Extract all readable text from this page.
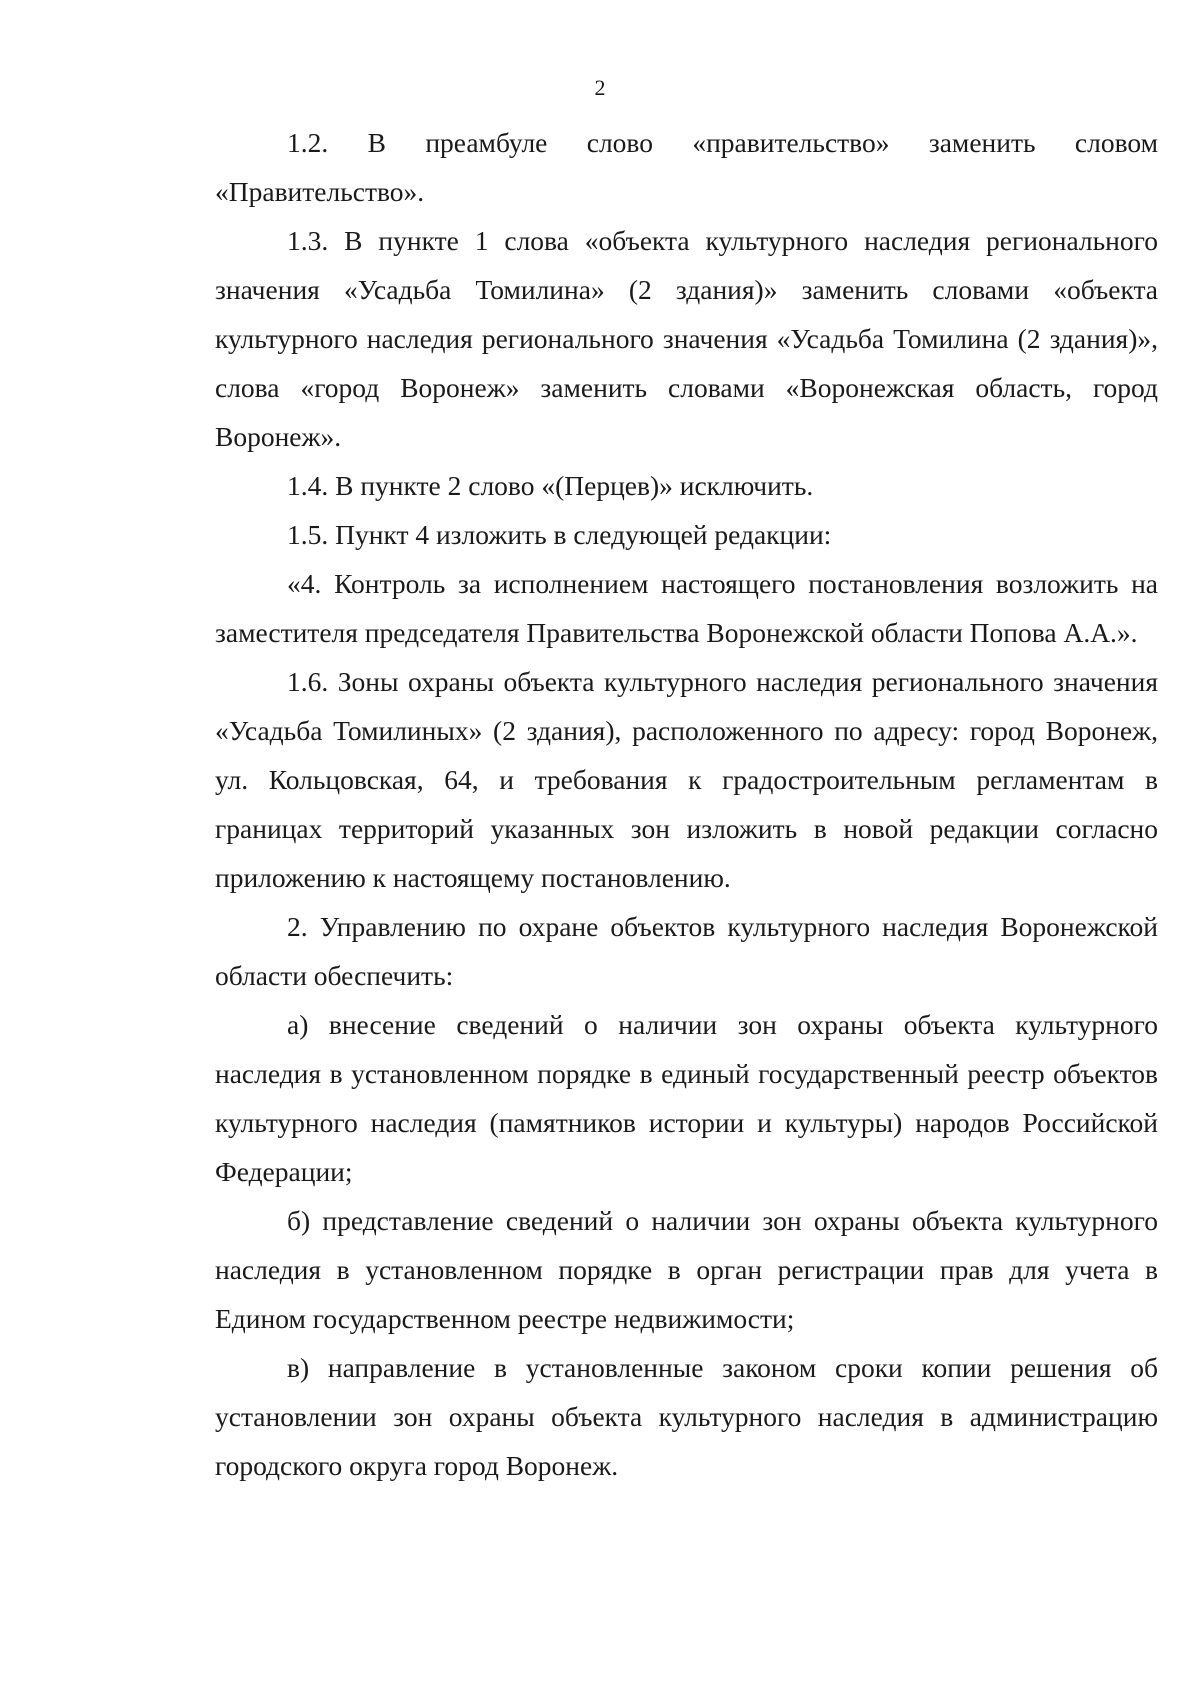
2

1.2. В преамбуле слово «правительство» заменить словом «Правительство».

1.3. В пункте 1 слова «объекта культурного наследия регионального значения «Усадьба Томилина» (2 здания)» заменить словами «объекта культурного наследия регионального значения «Усадьба Томилина (2 здания)», слова «город Воронеж» заменить словами «Воронежская область, город Воронеж».

1.4. В пункте 2 слово «(Перцев)» исключить.

1.5. Пункт 4 изложить в следующей редакции:

«4. Контроль за исполнением настоящего постановления возложить на заместителя председателя Правительства Воронежской области Попова А.А.».

1.6. Зоны охраны объекта культурного наследия регионального значения «Усадьба Томилиных» (2 здания), расположенного по адресу: город Воронеж, ул. Кольцовская, 64, и требования к градостроительным регламентам в границах территорий указанных зон изложить в новой редакции согласно приложению к настоящему постановлению.

2. Управлению по охране объектов культурного наследия Воронежской области обеспечить:

а) внесение сведений о наличии зон охраны объекта культурного наследия в установленном порядке в единый государственный реестр объектов культурного наследия (памятников истории и культуры) народов Российской Федерации;

б) представление сведений о наличии зон охраны объекта культурного наследия в установленном порядке в орган регистрации прав для учета в Едином государственном реестре недвижимости;

в) направление в установленные законом сроки копии решения об установлении зон охраны объекта культурного наследия в администрацию городского округа город Воронеж.
